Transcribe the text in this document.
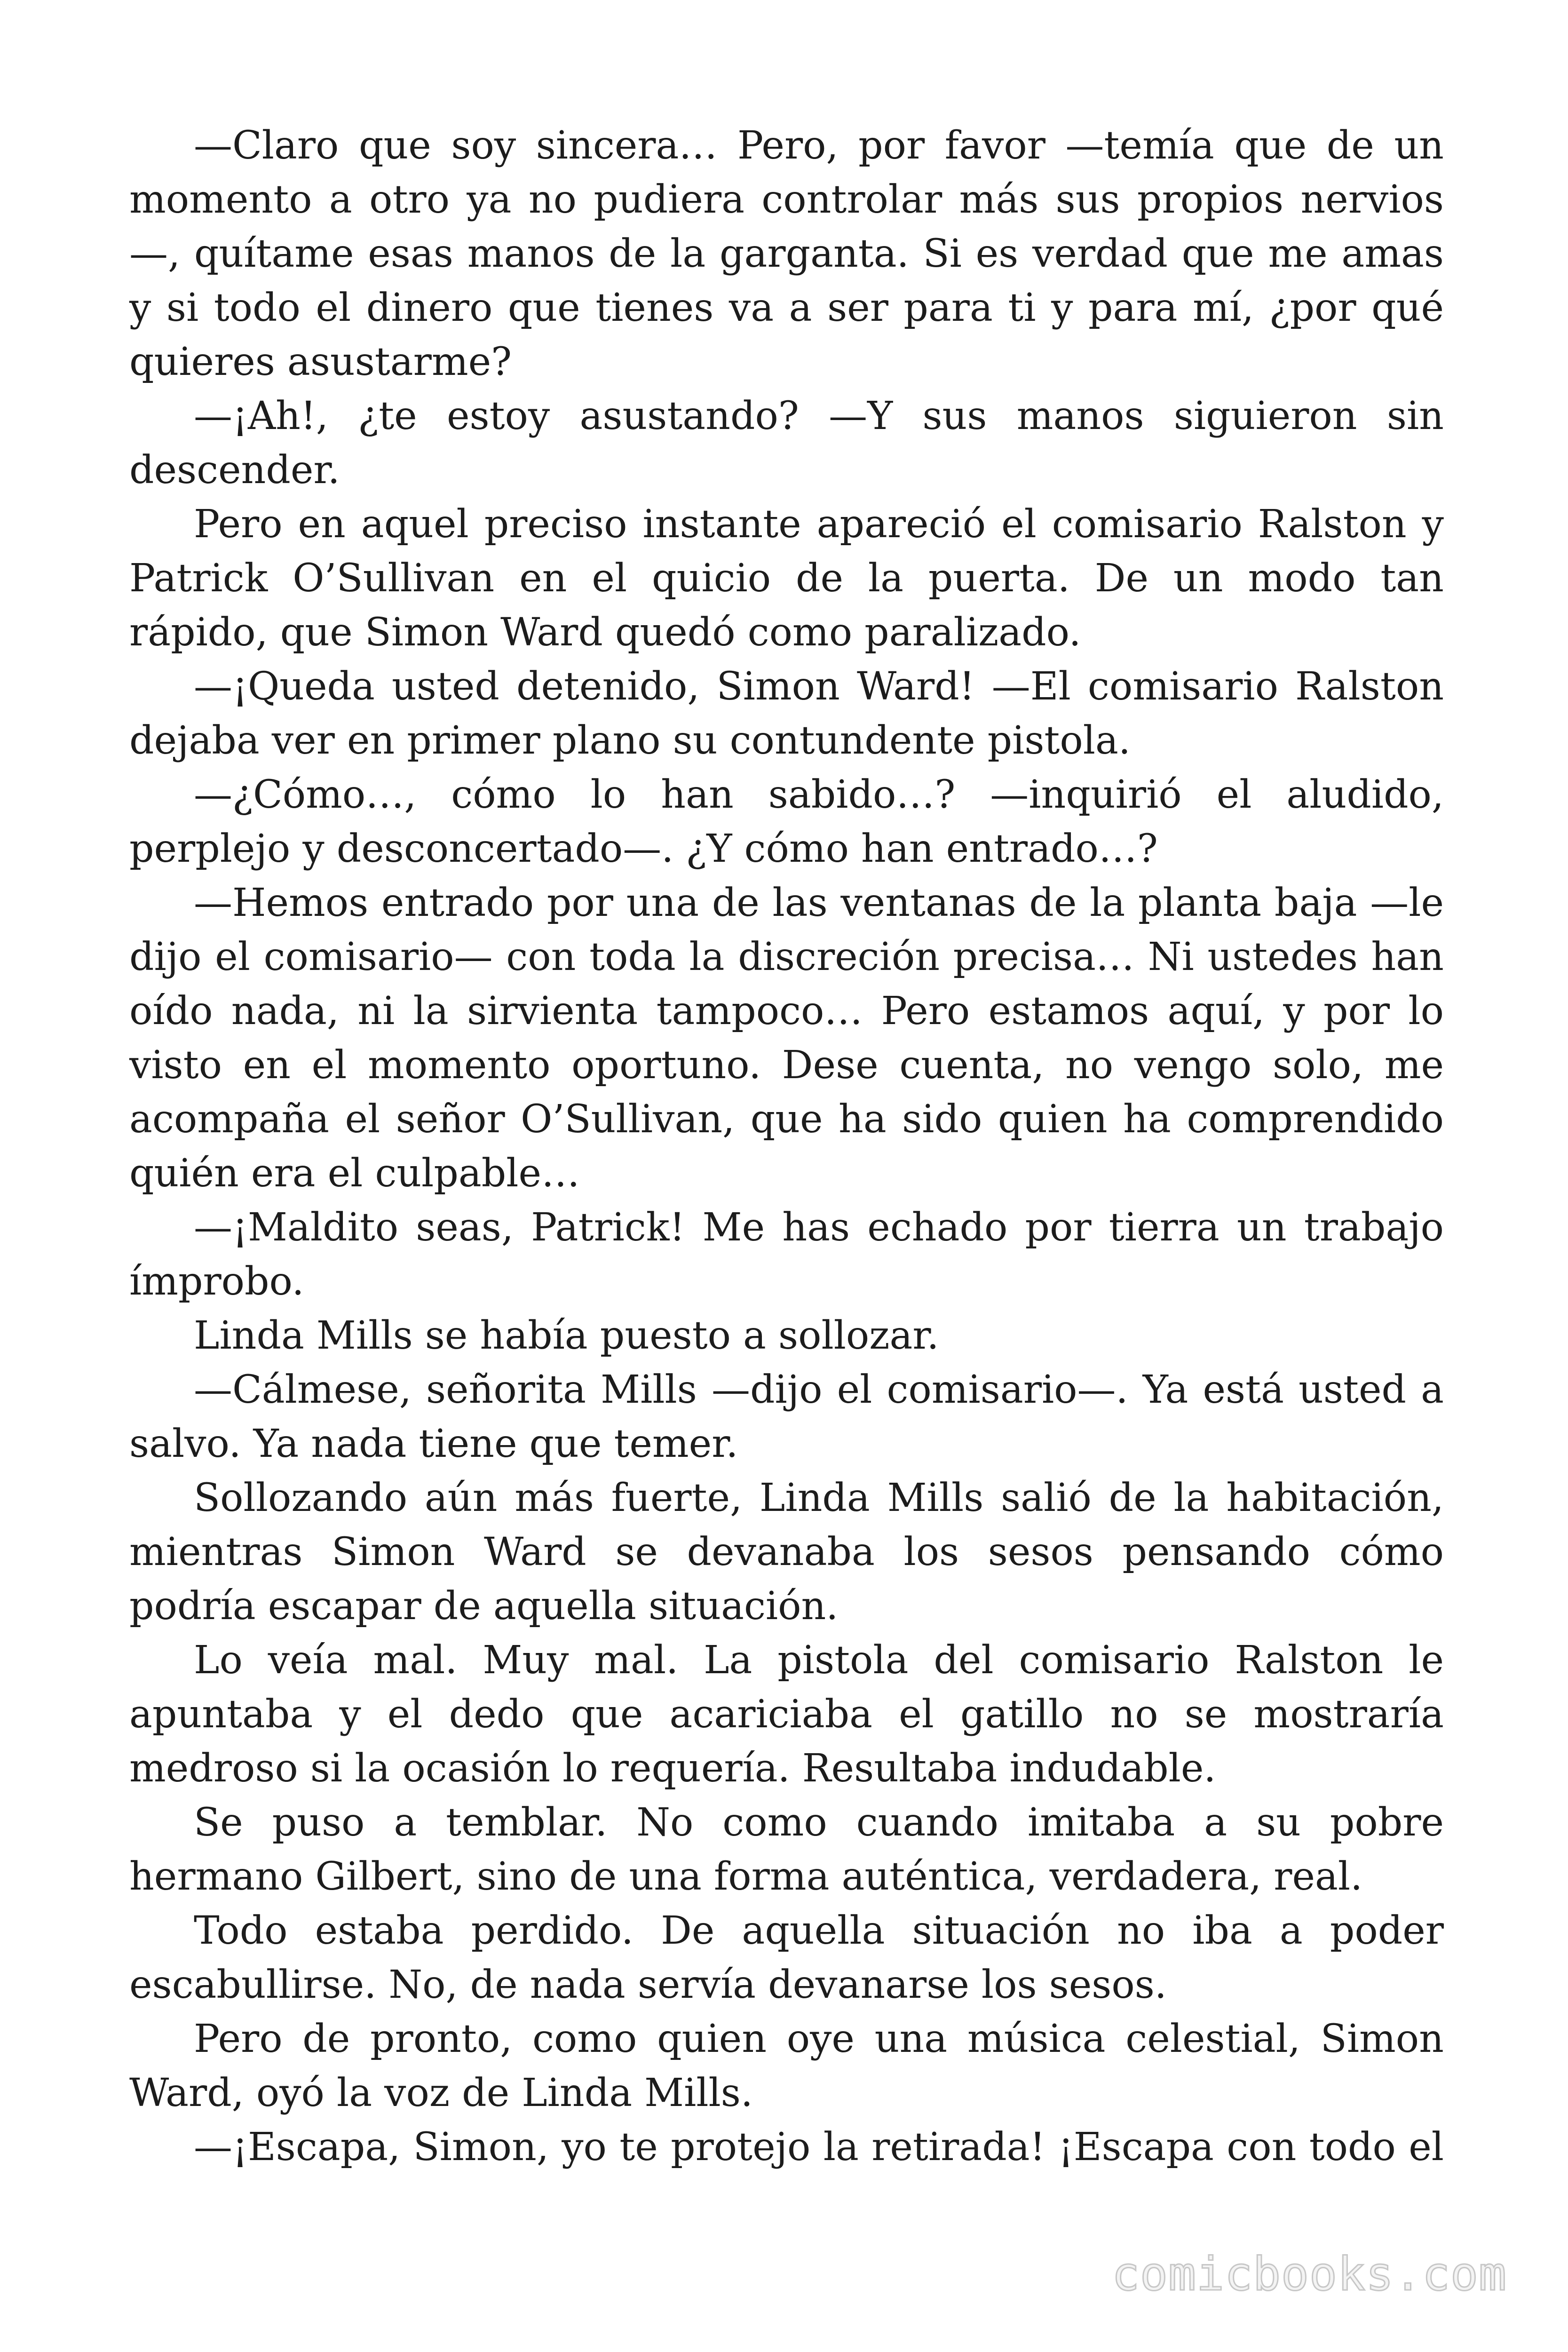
—Claro que soy sincera… Pero, por favor —temía que de un momento a otro ya no pudiera controlar más sus propios nervios—, quítame esas manos de la garganta. Si es verdad que me amas y si todo el dinero que tienes va a ser para ti y para mí, ¿por qué quieres asustarme?

—¡Ah!, ¿te estoy asustando? —Y sus manos siguieron sin descender.

Pero en aquel preciso instante apareció el comisario Ralston y Patrick O’Sullivan en el quicio de la puerta. De un modo tan rápido, que Simon Ward quedó como paralizado.

—¡Queda usted detenido, Simon Ward! —El comisario Ralston dejaba ver en primer plano su contundente pistola.

—¿Cómo…, cómo lo han sabido…? —inquirió el aludido, perplejo y desconcertado—. ¿Y cómo han entrado…?

—Hemos entrado por una de las ventanas de la planta baja —le dijo el comisario— con toda la discreción precisa… Ni ustedes han oído nada, ni la sirvienta tampoco… Pero estamos aquí, y por lo visto en el momento oportuno. Dese cuenta, no vengo solo, me acompaña el señor O’Sullivan, que ha sido quien ha comprendido quién era el culpable…

—¡Maldito seas, Patrick! Me has echado por tierra un trabajo ímprobo.

Linda Mills se había puesto a sollozar.

—Cálmese, señorita Mills —dijo el comisario—. Ya está usted a salvo. Ya nada tiene que temer.

Sollozando aún más fuerte, Linda Mills salió de la habitación, mientras Simon Ward se devanaba los sesos pensando cómo podría escapar de aquella situación.

Lo veía mal. Muy mal. La pistola del comisario Ralston le apuntaba y el dedo que acariciaba el gatillo no se mostraría medroso si la ocasión lo requería. Resultaba indudable.

Se puso a temblar. No como cuando imitaba a su pobre hermano Gilbert, sino de una forma auténtica, verdadera, real.

Todo estaba perdido. De aquella situación no iba a poder escabullirse. No, de nada servía devanarse los sesos.

Pero de pronto, como quien oye una música celestial, Simon Ward, oyó la voz de Linda Mills.

—¡Escapa, Simon, yo te protejo la retirada! ¡Escapa con todo el

comicbooks.com
